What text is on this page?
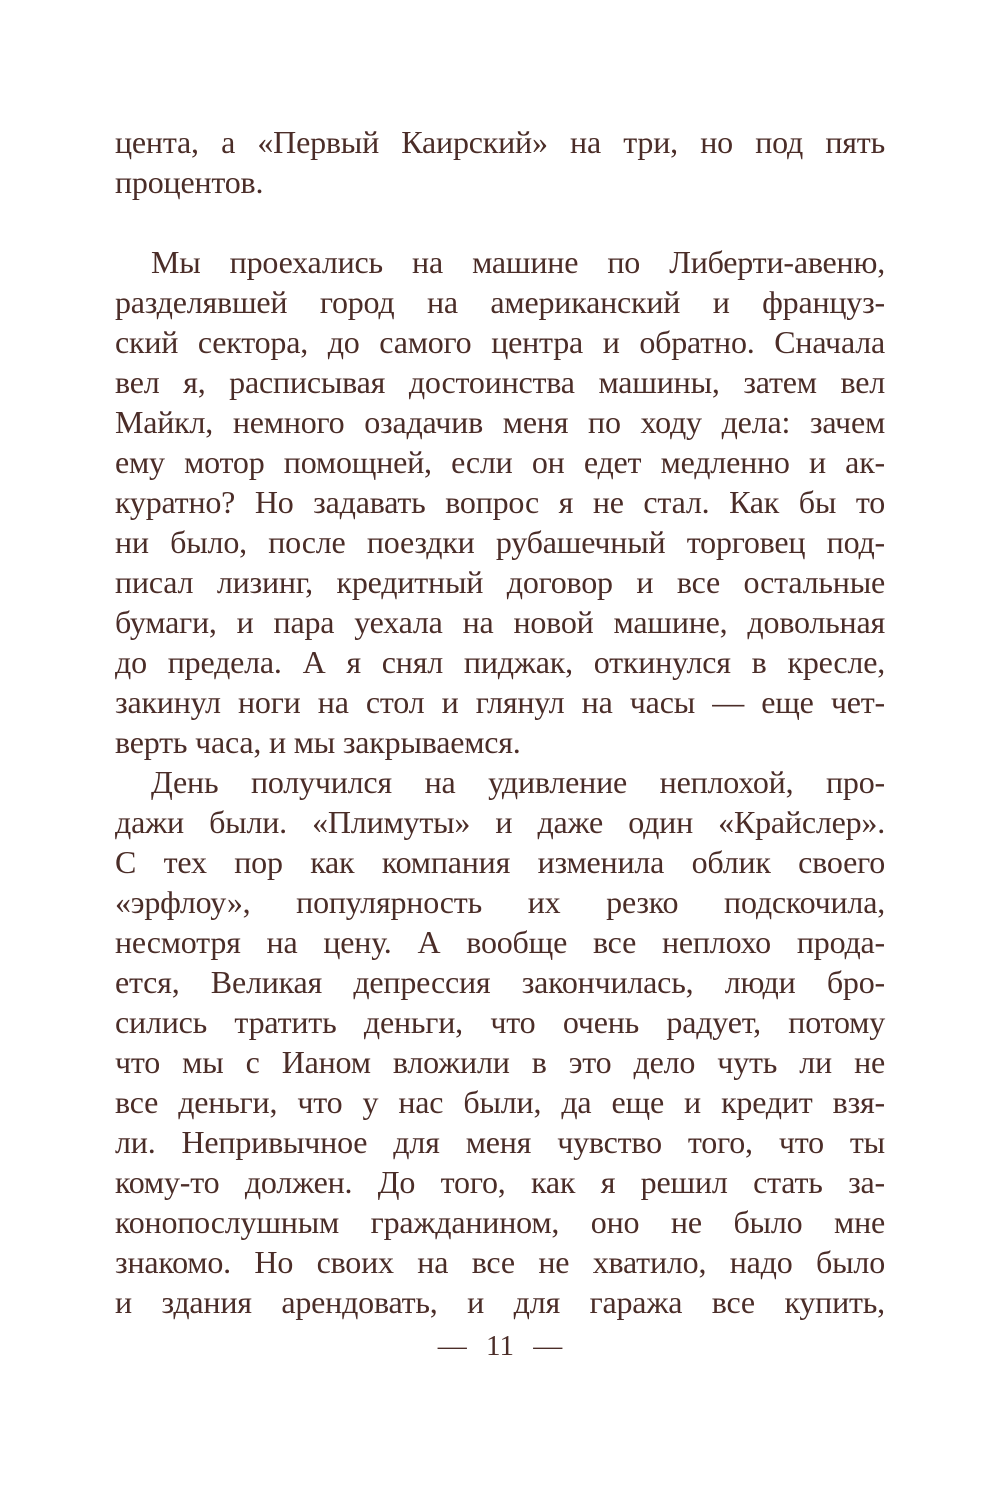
цента, а «Первый Каирский» на три, но под пять
процентов.
Мы проехались на машине по Либерти-авеню,
разделявшей город на американский и француз-
ский сектора, до самого центра и обратно. Сначала
вел я, расписывая достоинства машины, затем вел
Майкл, немного озадачив меня по ходу дела: зачем
ему мотор помощней, если он едет медленно и ак-
куратно? Но задавать вопрос я не стал. Как бы то
ни было, после поездки рубашечный торговец под-
писал лизинг, кредитный договор и все остальные
бумаги, и пара уехала на новой машине, довольная
до предела. А я снял пиджак, откинулся в кресле,
закинул ноги на стол и глянул на часы — еще чет-
верть часа, и мы закрываемся.
День получился на удивление неплохой, про-
дажи были. «Плимуты» и даже один «Крайслер».
С тех пор как компания изменила облик своего
«эрфлоу», популярность их резко подскочила,
несмотря на цену. А вообще все неплохо прода-
ется, Великая депрессия закончилась, люди бро-
сились тратить деньги, что очень радует, потому
что мы с Ианом вложили в это дело чуть ли не
все деньги, что у нас были, да еще и кредит взя-
ли. Непривычное для меня чувство того, что ты
кому-то должен. До того, как я решил стать за-
конопослушным гражданином, оно не было мне
знакомо. Но своих на все не хватило, надо было
и здания арендовать, и для гаража все купить,
— 11 —
